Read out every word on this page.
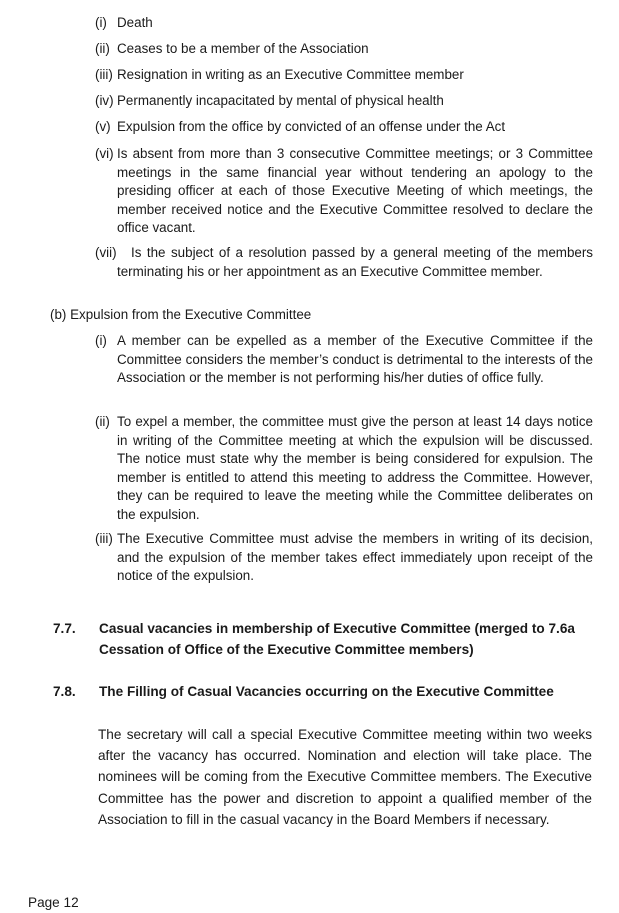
(i) Death
(ii) Ceases to be a member of the Association
(iii) Resignation in writing as an Executive Committee member
(iv) Permanently incapacitated by mental of physical health
(v) Expulsion from the office by convicted of an offense under the Act
(vi) Is absent from more than 3 consecutive Committee meetings; or 3 Committee meetings in the same financial year without tendering an apology to the presiding officer at each of those Executive Meeting of which meetings, the member received notice and the Executive Committee resolved to declare the office vacant.
(vii)	Is the subject of a resolution passed by a general meeting of the members terminating his or her appointment as an Executive Committee member.
(b) Expulsion from the Executive Committee
(i) A member can be expelled as a member of the Executive Committee if the Committee considers the member’s conduct is detrimental to the interests of the Association or the member is not performing his/her duties of office fully.
(ii) To expel a member, the committee must give the person at least 14 days notice in writing of the Committee meeting at which the expulsion will be discussed. The notice must state why the member is being considered for expulsion. The member is entitled to attend this meeting to address the Committee. However, they can be required to leave the meeting while the Committee deliberates on the expulsion.
(iii) The Executive Committee must advise the members in writing of its decision, and the expulsion of the member takes effect immediately upon receipt of the notice of the expulsion.
7.7.	Casual vacancies in membership of Executive Committee (merged to 7.6a Cessation of Office of the Executive Committee members)
7.8.	The Filling of Casual Vacancies occurring on the Executive Committee
The secretary will call a special Executive Committee meeting within two weeks after the vacancy has occurred. Nomination and election will take place. The nominees will be coming from the Executive Committee members. The Executive Committee has the power and discretion to appoint a qualified member of the Association to fill in the casual vacancy in the Board Members if necessary.
Page 12
